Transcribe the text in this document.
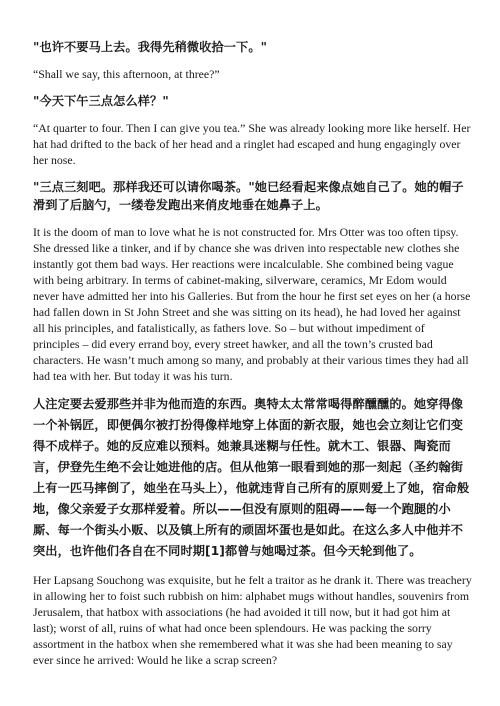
"也许不要马上去。我得先稍微收拾一下。"

“Shall we say, this afternoon, at three?”

"今天下午三点怎么样？"

“At quarter to four. Then I can give you tea.” She was already looking more like herself. Her hat had drifted to the back of her head and a ringlet had escaped and hung engagingly over her nose.

"三点三刻吧。那样我还可以请你喝茶。"她已经看起来像点她自己了。她的帽子滑到了后脑勺，一缕卷发跑出来俏皮地垂在她鼻子上。

It is the doom of man to love what he is not constructed for. Mrs Otter was too often tipsy. She dressed like a tinker, and if by chance she was driven into respectable new clothes she instantly got them bad ways. Her reactions were incalculable. She combined being vague with being arbitrary. In terms of cabinet-making, silverware, ceramics, Mr Edom would never have admitted her into his Galleries. But from the hour he first set eyes on her (a horse had fallen down in St John Street and she was sitting on its head), he had loved her against all his principles, and fatalistically, as fathers love. So – but without impediment of principles – did every errand boy, every street hawker, and all the town’s crusted bad characters. He wasn’t much among so many, and probably at their various times they had all had tea with her. But today it was his turn.

人注定要去爱那些并非为他而造的东西。奥特太太常常喝得醉醺醺的。她穿得像一个补锅匠，即便偶尔被打扮得像样地穿上体面的新衣服，她也会立刻让它们变得不成样子。她的反应难以预料。她兼具迷糊与任性。就木工、银器、陶瓷而言，伊登先生绝不会让她进他的店。但从他第一眼看到她的那一刻起（圣约翰街上有一匹马摔倒了，她坐在马头上），他就违背自己所有的原则爱上了她，宿命般地，像父亲爱子女那样爱着。所以——但没有原则的阻碍——每一个跑腿的小厮、每一个街头小贩、以及镇上所有的顽固坏蛋也是如此。在这么多人中他并不突出，也许他们各自在不同时期[1]都曾与她喝过茶。但今天轮到他了。

Her Lapsang Souchong was exquisite, but he felt a traitor as he drank it. There was treachery in allowing her to foist such rubbish on him: alphabet mugs without handles, souvenirs from Jerusalem, that hatbox with associations (he had avoided it till now, but it had got him at last); worst of all, ruins of what had once been splendours. He was packing the sorry assortment in the hatbox when she remembered what it was she had been meaning to say ever since he arrived: Would he like a scrap screen?
